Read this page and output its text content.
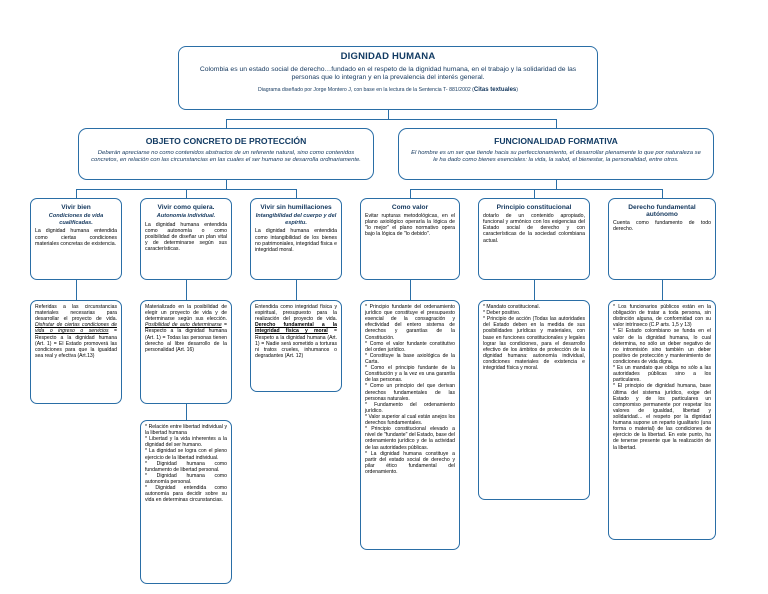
DIGNIDAD HUMANA
Colombia es un estado social de derecho…fundado en el respeto de la dignidad humana, en el trabajo y la solidaridad de las personas que lo integran y en la prevalencia del interés general.
Diagrama diseñado por Jorge Montero J, con base en la lectura de la Sentencia T- 881/2002 (Citas textuales)
OBJETO CONCRETO DE PROTECCIÓN
Deberán apreciarse no como contenidos abstractos de un referente natural, sino como contenidos concretos, en relación con las circunstancias en las cuales el ser humano se desarrolla ordinariamente.
FUNCIONALIDAD FORMATIVA
El hombre es un ser que tiende hacia su perfeccionamiento, el desarrollar plenamente lo que por naturaleza se le ha dado como bienes esenciales: la vida, la salud, el bienestar, la personalidad, entre otros.
Vivir bien
Condiciones de vida cualificadas.
La dignidad humana entendida como ciertas condiciones materiales concretas de existencia.
Vivir como quiera.
Autonomía individual.
La dignidad humana entendida como autonomía o como posibilidad de diseñar un plan vital y de determinarse según sus características.
Vivir sin humillaciones
Intangibilidad del cuerpo y del espíritu.
La dignidad humana entendida como intangibilidad de los bienes no patrimoniales, integridad física e integridad moral.
Como valor
Evitar rupturas metodológicas, en el plano axiológico operaría la lógica de "lo mejor" el plano normativo opera bajo la lógica de "lo debido".
Principio constitucional
dotarlo de un contenido apropiado, funcional y armónico con los exigencias del Estado social de derecho y con características de la sociedad colombiana actual.
Derecho fundamental autónomo
Cuenta como fundamento de todo derecho.
Referidas a las circunstancias materiales necesarias para desarrollar el proyecto de vida. Disfrutar de ciertas condiciones de vida o ingreso o servicios = Respecto a la dignidad humana (Art. 1) = El Estado promoverá las condiciones para que la igualdad sea real y efectiva (Art.13)
Materializado en la posibilidad de elegir un proyecto de vida y de determinarse según sus elección. Posibilidad de auto determinarse = Respecto a la dignidad humana (Art. 1) = Todas las personas tienen derecho al libre desarrollo de la personalidad (Art. 16)
* Relación entre libertad individual y la libertad humana
* Libertad y la vida inherentes a la dignidad del ser humano.
* La dignidad se logra con el pleno ejercicio de la libertad individual.
* Dignidad humana como fundamento de libertad personal.
* Dignidad humana como autonomía personal.
* Dignidad entendida como autonomía para decidir sobre su vida en determinas circunstancias.
Entendida como integridad física y espiritual, presupuesto para la realización del proyecto de vida. Derecho fundamental a la integridad física y moral = Respeto a la dignidad humana (Art. 1) = Nadie será sometido a torturas ni tratos crueles, inhumanos o degradantes (Art. 12)
* Principio fundante del ordenamiento jurídico que constituye el presupuesto esencial de la consagración y efectividad del entero sistema de derechos y garantías de la Constitución.
* Como el valor fundante constitutivo del orden jurídico.
* Constituye la base axiológica de la Carta.
* Como el principio fundante de la Constitución y a la vez es una garantía de las personas.
* Como un principio del que derivan derechos fundamentales de las personas naturales.
* Fundamento del ordenamiento jurídico.
* Valor superior al cual están anejos los derechos fundamentales.
* Principio constitucional elevado a nivel de "fundante" del Estado, base del ordenamiento jurídico y de la actividad de las autoridades públicas.
* La dignidad humana constituye a partir del estado social de derecho y pilar ético fundamental del ordenamiento.
* Mandato constitucional.
* Deber positivo.
* Principio de acción (Todas las autoridades del Estado deben en la medida de sus posibilidades jurídicas y materiales, con base en funciones constitucionales y legales lograr las condiciones, para el desarrollo efectivo de los ámbitos de protección de la dignidad humana: autonomía individual, condiciones materiales de existencia e integridad física y moral.
* Los funcionarios públicos están en la obligación de tratar a toda persona, sin distinción alguna, de conformidad con su valor intrínseco (C.P arts. 1,5 y 13)
* El Estado colombiano se funda en el valor de la dignidad humana, lo cual determina, no sólo un deber negativo de no intromisión sino también un deber positivo de protección y mantenimiento de condiciones de vida digna.
* Es un mandato que obliga no sólo a las autoridades públicas sino a los particulares.
* El principio de dignidad humana, base última del sistema jurídico, exige del Estado y de los particulares un compromiso permanente por respetar los valores de igualdad, libertad y solidaridad… el respeto por la dignidad humana supone un reparto igualitario (una forma o material) de las condiciones de ejercicio de la libertad. En este punto, ha de tenerse presente que la realización de la libertad.
